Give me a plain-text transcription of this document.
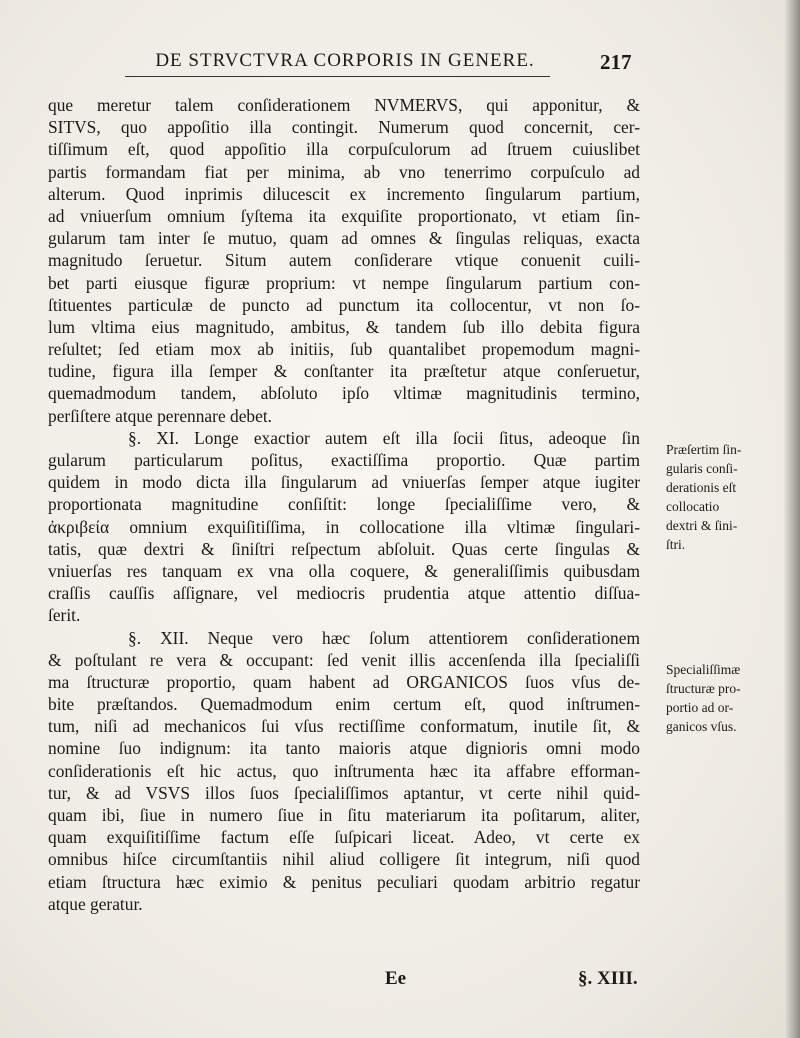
DE STRVCTVRA CORPORIS IN GENERE.	217
que meretur talem conſiderationem NVMERVS, qui apponitur, &
SITVS, quo appoſitio illa contingit. Numerum quod concernit, cer-
tiſſimum eſt, quod appoſitio illa corpuſculorum ad ſtruem cuiuslibet
partis formandam fiat per minima, ab vno tenerrimo corpuſculo ad
alterum. Quod inprimis dilucescit ex incremento ſingularum partium,
ad vniuerſum omnium ſyſtema ita exquiſite proportionato, vt etiam ſin-
gularum tam inter ſe mutuo, quam ad omnes & ſingulas reliquas, exacta
magnitudo ſeruetur. Situm autem conſiderare vtique conuenit cuili-
bet parti eiusque figuræ proprium: vt nempe ſingularum partium con-
ſtituentes particulæ de puncto ad punctum ita collocentur, vt non ſo-
lum vltima eius magnitudo, ambitus, & tandem ſub illo debita figura
reſultet; ſed etiam mox ab initiis, ſub quantalibet propemodum magni-
tudine, figura illa ſemper & conſtanter ita præſtetur atque conſeruetur,
quemadmodum tandem, abſoluto ipſo vltimæ magnitudinis termino,
perſiſtere atque perennare debet.
§. XI. Longe exactior autem eſt illa ſocii ſitus, adeoque ſin
gularum particularum poſitus, exactiſſima proportio. Quæ partim
quidem in modo dicta illa ſingularum ad vniuerſas ſemper atque iugiter
proportionata magnitudine conſiſtit: longe ſpecialiſſime vero, &
ἀκριβεία omnium exquiſitiſſima, in collocatione illa vltimæ ſingulari-
tatis, quæ dextri & ſiniſtri reſpectum abſoluit. Quas certe ſingulas &
vniuerſas res tanquam ex vna olla coquere, & generaliſſimis quibusdam
craſſis cauſſis aſſignare, vel mediocris prudentia atque attentio diſſua-
ſerit.
§. XII. Neque vero hæc ſolum attentiorem conſiderationem
& poſtulant re vera & occupant: ſed venit illis accenſenda illa ſpecialiſſi
ma ſtructuræ proportio, quam habent ad ORGANICOS ſuos vſus de-
bite præſtandos. Quemadmodum enim certum eſt, quod inſtrumen-
tum, niſi ad mechanicos ſui vſus rectiſſime conformatum, inutile ſit, &
nomine ſuo indignum: ita tanto maioris atque dignioris omni modo
conſiderationis eſt hic actus, quo inſtrumenta hæc ita affabre efforman-
tur, & ad VSVS illos ſuos ſpecialiſſimos aptantur, vt certe nihil quid-
quam ibi, ſiue in numero ſiue in ſitu materiarum ita poſitarum, aliter,
quam exquiſitiſſime factum eſſe ſuſpicari liceat. Adeo, vt certe ex
omnibus hiſce circumſtantiis nihil aliud colligere ſit integrum, niſi quod
etiam ſtructura hæc eximio & penitus peculiari quodam arbitrio regatur
atque geratur.
Præſertim ſin-
gularis conſi-
derationis eſt
collocatio
dextri & ſini-
ſtri.
Specialiſſimæ
ſtructuræ pro-
portio ad or-
ganicos vſus.
Ee	§. XIII.
